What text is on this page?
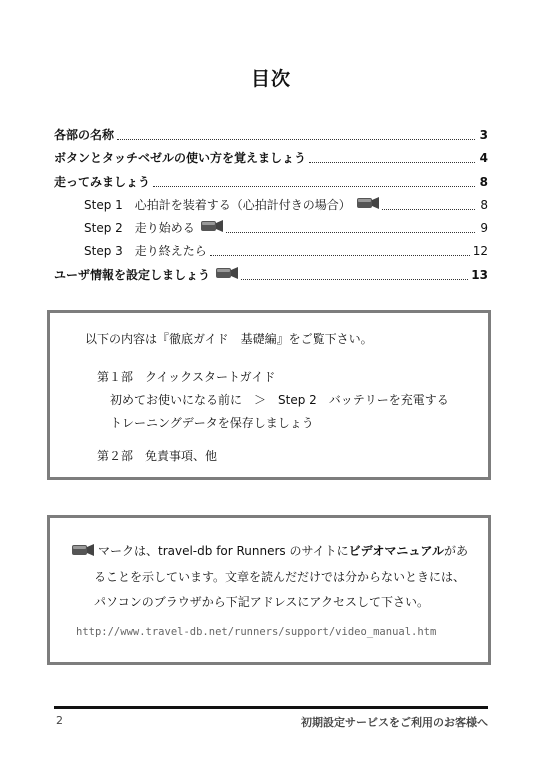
目次
各部の名称	3
ボタンとタッチベゼルの使い方を覚えましょう	4
走ってみましょう	8
Step 1　心拍計を装着する（心拍計付きの場合）	8
Step 2　走り始める	9
Step 3　走り終えたら	12
ユーザ情報を設定しましょう	13
以下の内容は『徹底ガイド　基礎編』をご覧下さい。
第１部　クイックスタートガイド
初めてお使いになる前に　＞　Step 2　バッテリーを充電する
トレーニングデータを保存しましょう
第２部　免責事項、他
マークは、travel-db for Runners のサイトにビデオマニュアルがあ
ることを示しています。文章を読んだだけでは分からないときには、
パソコンのブラウザから下記アドレスにアクセスして下さい。
http://www.travel-db.net/runners/support/video_manual.htm
2	初期設定サービスをご利用のお客様へ
